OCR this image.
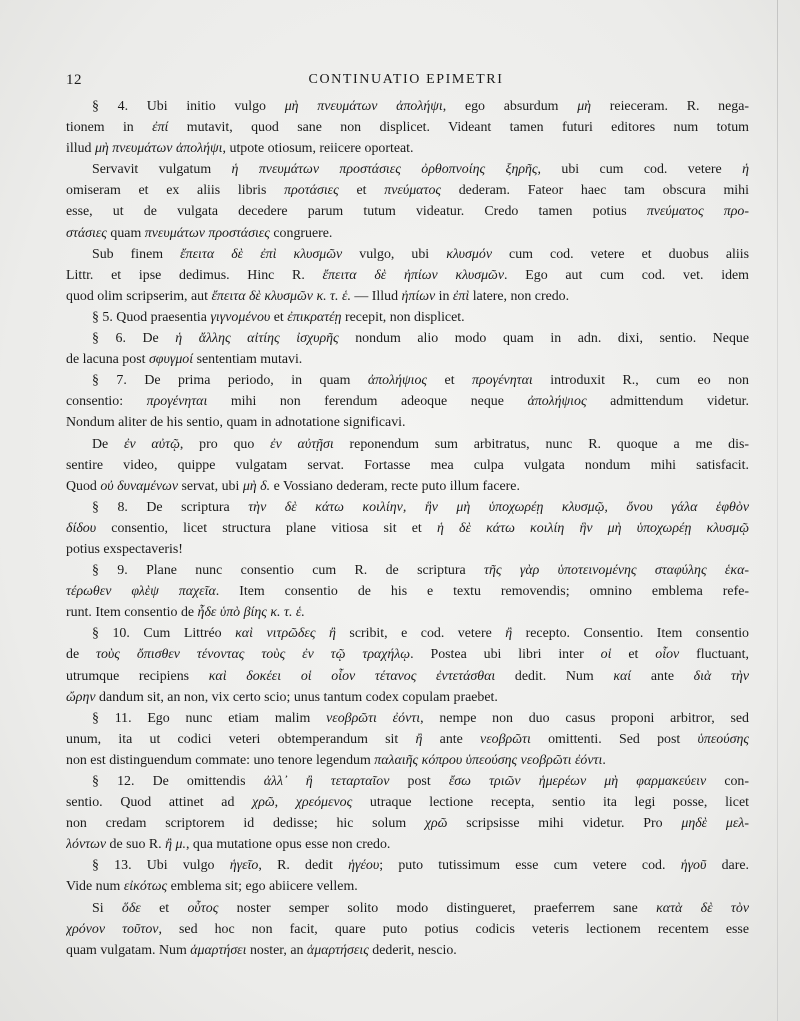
12	CONTINUATIO EPIMETRI
§ 4. Ubi initio vulgo μὴ πνευμάτων ἀπολήψι, ego absurdum μὴ reieceram. R. nega-
tionem in ἐπί mutavit, quod sane non displicet. Videant tamen futuri editores num totum
illud μὴ πνευμάτων ἀπολήψι, utpote otiosum, reiicere oporteat.
Servavit vulgatum ἡ πνευμάτων προστάσιες ὀρθοπνοίης ξηρῆς, ubi cum cod. vetere ἡ
omiseram et ex aliis libris προτάσιες et πνεύματος dederam. Fateor haec tam obscura mihi
esse, ut de vulgata decedere parum tutum videatur. Credo tamen potius πνεύματος προ-
στάσιες quam πνευμάτων προστάσιες congruere.
Sub finem ἔπειτα δὲ ἐπὶ κλυσμῶν vulgo, ubi κλυσμόν cum cod. vetere et duobus aliis
Littr. et ipse dedimus. Hinc R. ἔπειτα δὲ ἠπίων κλυσμῶν. Ego aut cum cod. vet. idem
quod olim scripserim, aut ἔπειτα δὲ κλυσμῶν κ. τ. ἑ. — Illud ἠπίων in ἐπὶ latere, non credo.
§ 5. Quod praesentia γιγνομένου et ἐπικρατέῃ recepit, non displicet.
§ 6. De ἡ ἄλλης αἰτίης ἰσχυρῆς nondum alio modo quam in adn. dixi, sentio. Neque
de lacuna post σφυγμοί sententiam mutavi.
§ 7. De prima periodo, in quam ἀπολήψιος et προγένηται introduxit R., cum eo non
consentio: προγένηται mihi non ferendum adeoque neque ἀπολήψιος admittendum videtur.
Nondum aliter de his sentio, quam in adnotatione significavi.
De ἐν αὐτῷ, pro quo ἐν αὐτῇσι reponendum sum arbitratus, nunc R. quoque a me dis-
sentire video, quippe vulgatam servat. Fortasse mea culpa vulgata nondum mihi satisfacit.
Quod οὐ δυναμένων servat, ubi μὴ δ. e Vossiano dederam, recte puto illum facere.
§ 8. De scriptura τὴν δὲ κάτω κοιλίην, ἣν μὴ ὑποχωρέῃ κλυσμῷ, ὄνου γάλα ἑφθὸν
δίδου consentio, licet structura plane vitiosa sit et ἡ δὲ κάτω κοιλίη ἣν μὴ ὑποχωρέῃ κλυσμῷ
potius exspectaveris!
§ 9. Plane nunc consentio cum R. de scriptura τῆς γὰρ ὑποτεινομένης σταφύλης ἑκα-
τέρωθεν φλὲψ παχεῖα. Item consentio de his e textu removendis; omnino emblema refe-
runt. Item consentio de ἧδε ὑπὸ βίης κ. τ. ἑ.
§ 10. Cum Littréo καὶ νιτρῶδες ἢ scribit, e cod. vetere ἢ recepto. Consentio. Item consentio
de τοὺς ὄπισθεν τένοντας τοὺς ἐν τῷ τραχήλῳ. Postea ubi libri inter οἱ et οἷον fluctuant,
utrumque recipiens καὶ δοκέει οἱ οἷον τέτανος ἐντετάσθαι dedit. Num καί ante διὰ τὴν
ὤρην dandum sit, an non, vix certo scio; unus tantum codex copulam praebet.
§ 11. Ego nunc etiam malim νεοβρῶτι ἐόντι, nempe non duo casus proponi arbitror, sed
unum, ita ut codici veteri obtemperandum sit ἢ ante νεοβρῶτι omittenti. Sed post ὑπεούσης
non est distinguendum commate: uno tenore legendum παλαιῆς κόπρου ὑπεούσης νεοβρῶτι ἐόντι.
§ 12. De omittendis ἀλλ᾽ ἢ τεταρταῖον post ἔσω τριῶν ἡμερέων μὴ φαρμακεύειν con-
sentio. Quod attinet ad χρῶ, χρεόμενος utraque lectione recepta, sentio ita legi posse, licet
non credam scriptorem id dedisse; hic solum χρῶ scripsisse mihi videtur. Pro μηδὲ μελ-
λόντων de suo R. ἢ μ., qua mutatione opus esse non credo.
§ 13. Ubi vulgo ἡγεῖο, R. dedit ἡγέου; puto tutissimum esse cum vetere cod. ἡγοῦ dare.
Vide num εἰκότως emblema sit; ego abiicere vellem.
Si ὅδε et οὗτος noster semper solito modo distingueret, praeferrem sane κατὰ δὲ τὸν
χρόνον τοῦτον, sed hoc non facit, quare puto potius codicis veteris lectionem recentem esse
quam vulgatam. Num ἁμαρτήσει noster, an ἁμαρτήσεις dederit, nescio.
